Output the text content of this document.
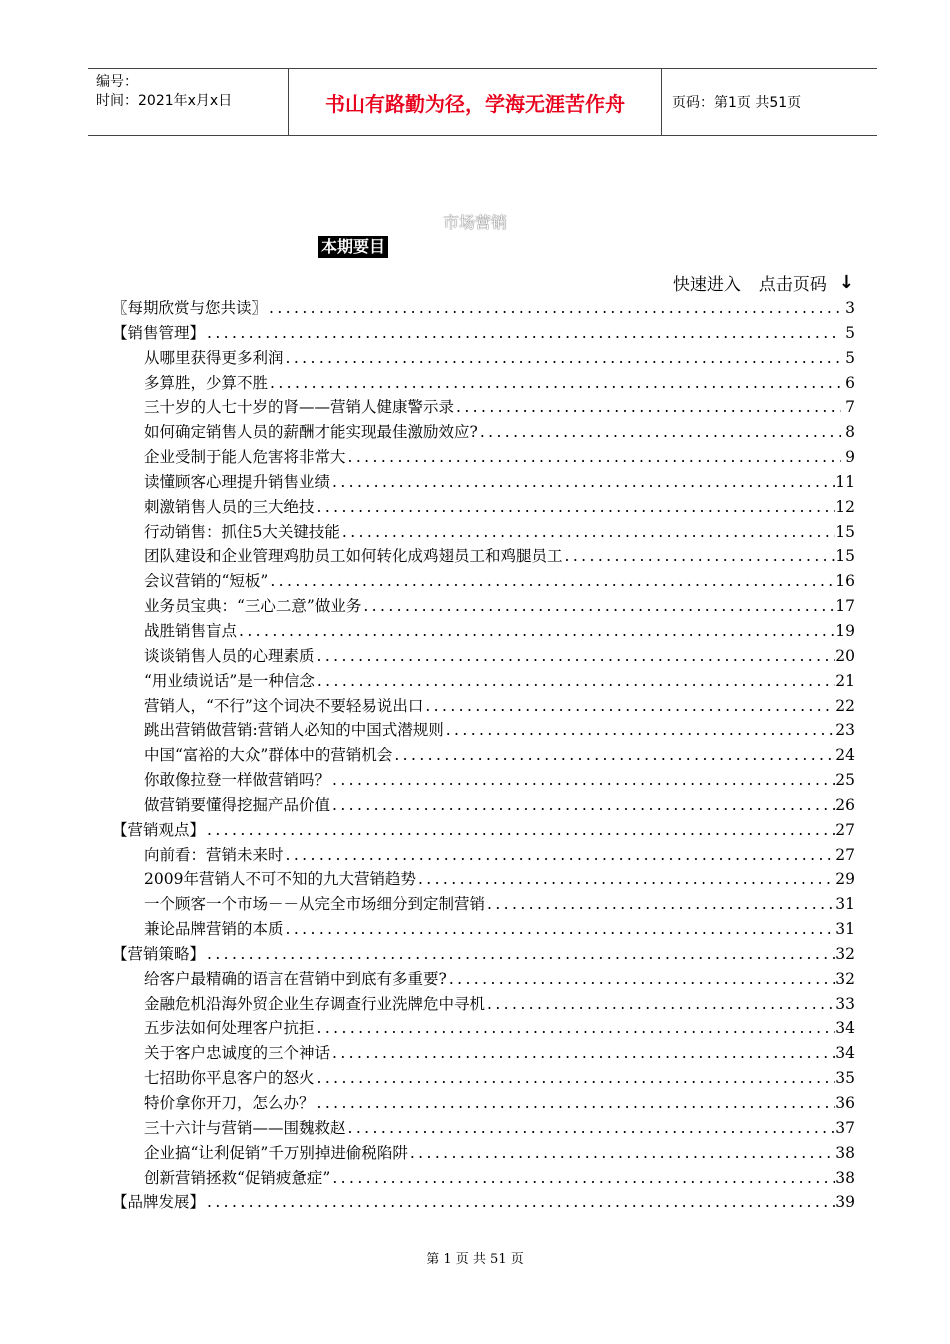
编号：
时间：2021年x月x日	书山有路勤为径，学海无涯苦作舟	页码：第1页 共51页
市场营销
本期要目
快速进入 点击页码 ↓
〖每期欣赏与您共读〗 .....	3
【销售管理】 .....	5
从哪里获得更多利润 .....	5
多算胜，少算不胜 .....	6
三十岁的人七十岁的肾——营销人健康警示录 .....	7
如何确定销售人员的薪酬才能实现最佳激励效应? .....	8
企业受制于能人危害将非常大 .....	9
读懂顾客心理提升销售业绩 .....	11
刺激销售人员的三大绝技 .....	12
行动销售：抓住5大关键技能 .....	15
团队建设和企业管理鸡肋员工如何转化成鸡翅员工和鸡腿员工 .....	15
会议营销的“短板” .....	16
业务员宝典：“三心二意”做业务 .....	17
战胜销售盲点 .....	19
谈谈销售人员的心理素质 .....	20
“用业绩说话”是一种信念 .....	21
营销人，“不行”这个词决不要轻易说出口 .....	22
跳出营销做营销:营销人必知的中国式潜规则 .....	23
中国“富裕的大众”群体中的营销机会 .....	24
你敢像拉登一样做营销吗？ .....	25
做营销要懂得挖掘产品价值 .....	26
【营销观点】 .....	27
向前看：营销未来时 .....	27
2009年营销人不可不知的九大营销趋势 .....	29
一个顾客一个市场－－从完全市场细分到定制营销 .....	31
兼论品牌营销的本质 .....	31
【营销策略】 .....	32
给客户最精确的语言在营销中到底有多重要? .....	32
金融危机沿海外贸企业生存调查行业洗牌危中寻机 .....	33
五步法如何处理客户抗拒 .....	34
关于客户忠诚度的三个神话 .....	34
七招助你平息客户的怒火 .....	35
特价拿你开刀，怎么办？ .....	36
三十六计与营销——围魏救赵 .....	37
企业搞“让利促销”千万别掉进偷税陷阱 .....	38
创新营销拯救“促销疲惫症” .....	38
【品牌发展】 .....	39
第 1 页 共 51 页
